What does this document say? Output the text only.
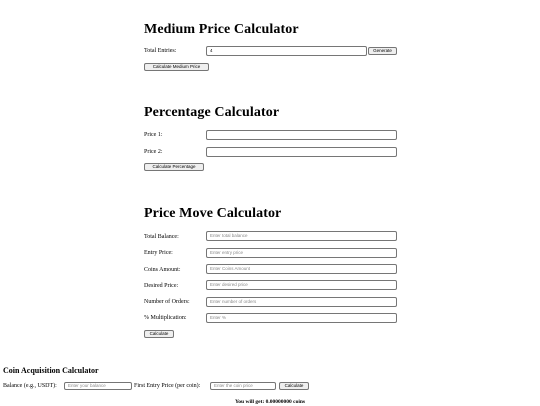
Medium Price Calculator
Total Entries:	4	Generate
Calculate Medium Price
Percentage Calculator
Price 1:
Price 2:
Calculate Percentage
Price Move Calculator
Total Balance:	Enter total balance
Entry Price:	Enter entry price
Coins Amount:	Enter Coins Amount
Desired Price:	Enter desired price
Number of Orders:	Enter number of orders
% Multiplication:	Enter %
Calculate
Coin Acquisition Calculator
Balance (e.g., USDT):	Enter your balance	First Entry Price (per coin):	Enter the coin price	Calculate
You will get: 0.00000000 coins
